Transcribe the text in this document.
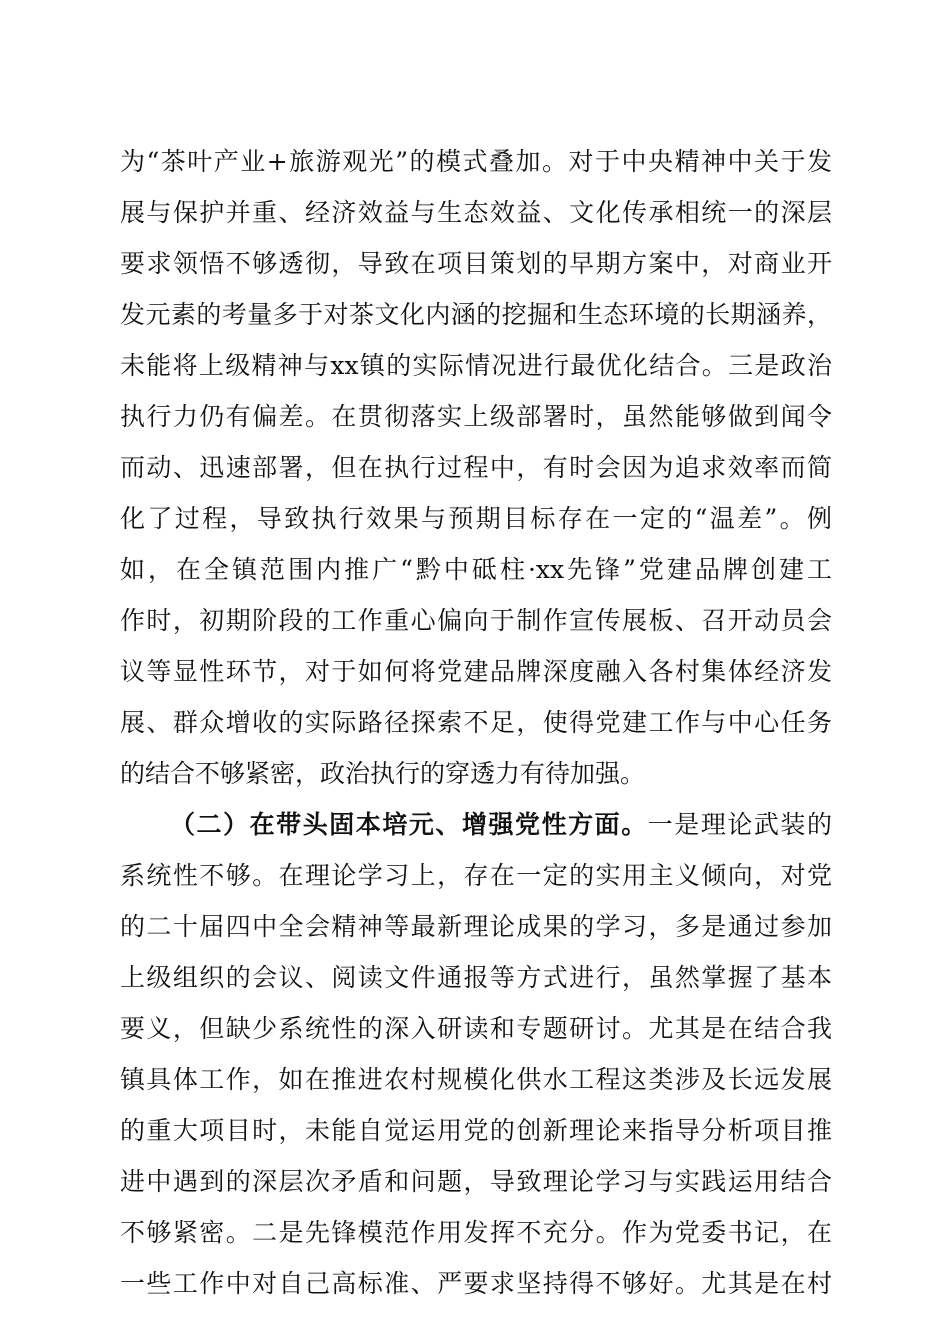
为“茶叶产业+旅游观光”的模式叠加。对于中央精神中关于发
展与保护并重、经济效益与生态效益、文化传承相统一的深层
要求领悟不够透彻，导致在项目策划的早期方案中，对商业开
发元素的考量多于对茶文化内涵的挖掘和生态环境的长期涵养，
未能将上级精神与xx镇的实际情况进行最优化结合。三是政治
执行力仍有偏差。在贯彻落实上级部署时，虽然能够做到闻令
而动、迅速部署，但在执行过程中，有时会因为追求效率而简
化了过程，导致执行效果与预期目标存在一定的“温差”。例
如，在全镇范围内推广“黔中砥柱·xx先锋”党建品牌创建工
作时，初期阶段的工作重心偏向于制作宣传展板、召开动员会
议等显性环节，对于如何将党建品牌深度融入各村集体经济发
展、群众增收的实际路径探索不足，使得党建工作与中心任务
的结合不够紧密，政治执行的穿透力有待加强。
（二）在带头固本培元、增强党性方面。一是理论武装的
系统性不够。在理论学习上，存在一定的实用主义倾向，对党
的二十届四中全会精神等最新理论成果的学习，多是通过参加
上级组织的会议、阅读文件通报等方式进行，虽然掌握了基本
要义，但缺少系统性的深入研读和专题研讨。尤其是在结合我
镇具体工作，如在推进农村规模化供水工程这类涉及长远发展
的重大项目时，未能自觉运用党的创新理论来指导分析项目推
进中遇到的深层次矛盾和问题，导致理论学习与实践运用结合
不够紧密。二是先锋模范作用发挥不充分。作为党委书记，在
一些工作中对自己高标准、严要求坚持得不够好。尤其是在村
